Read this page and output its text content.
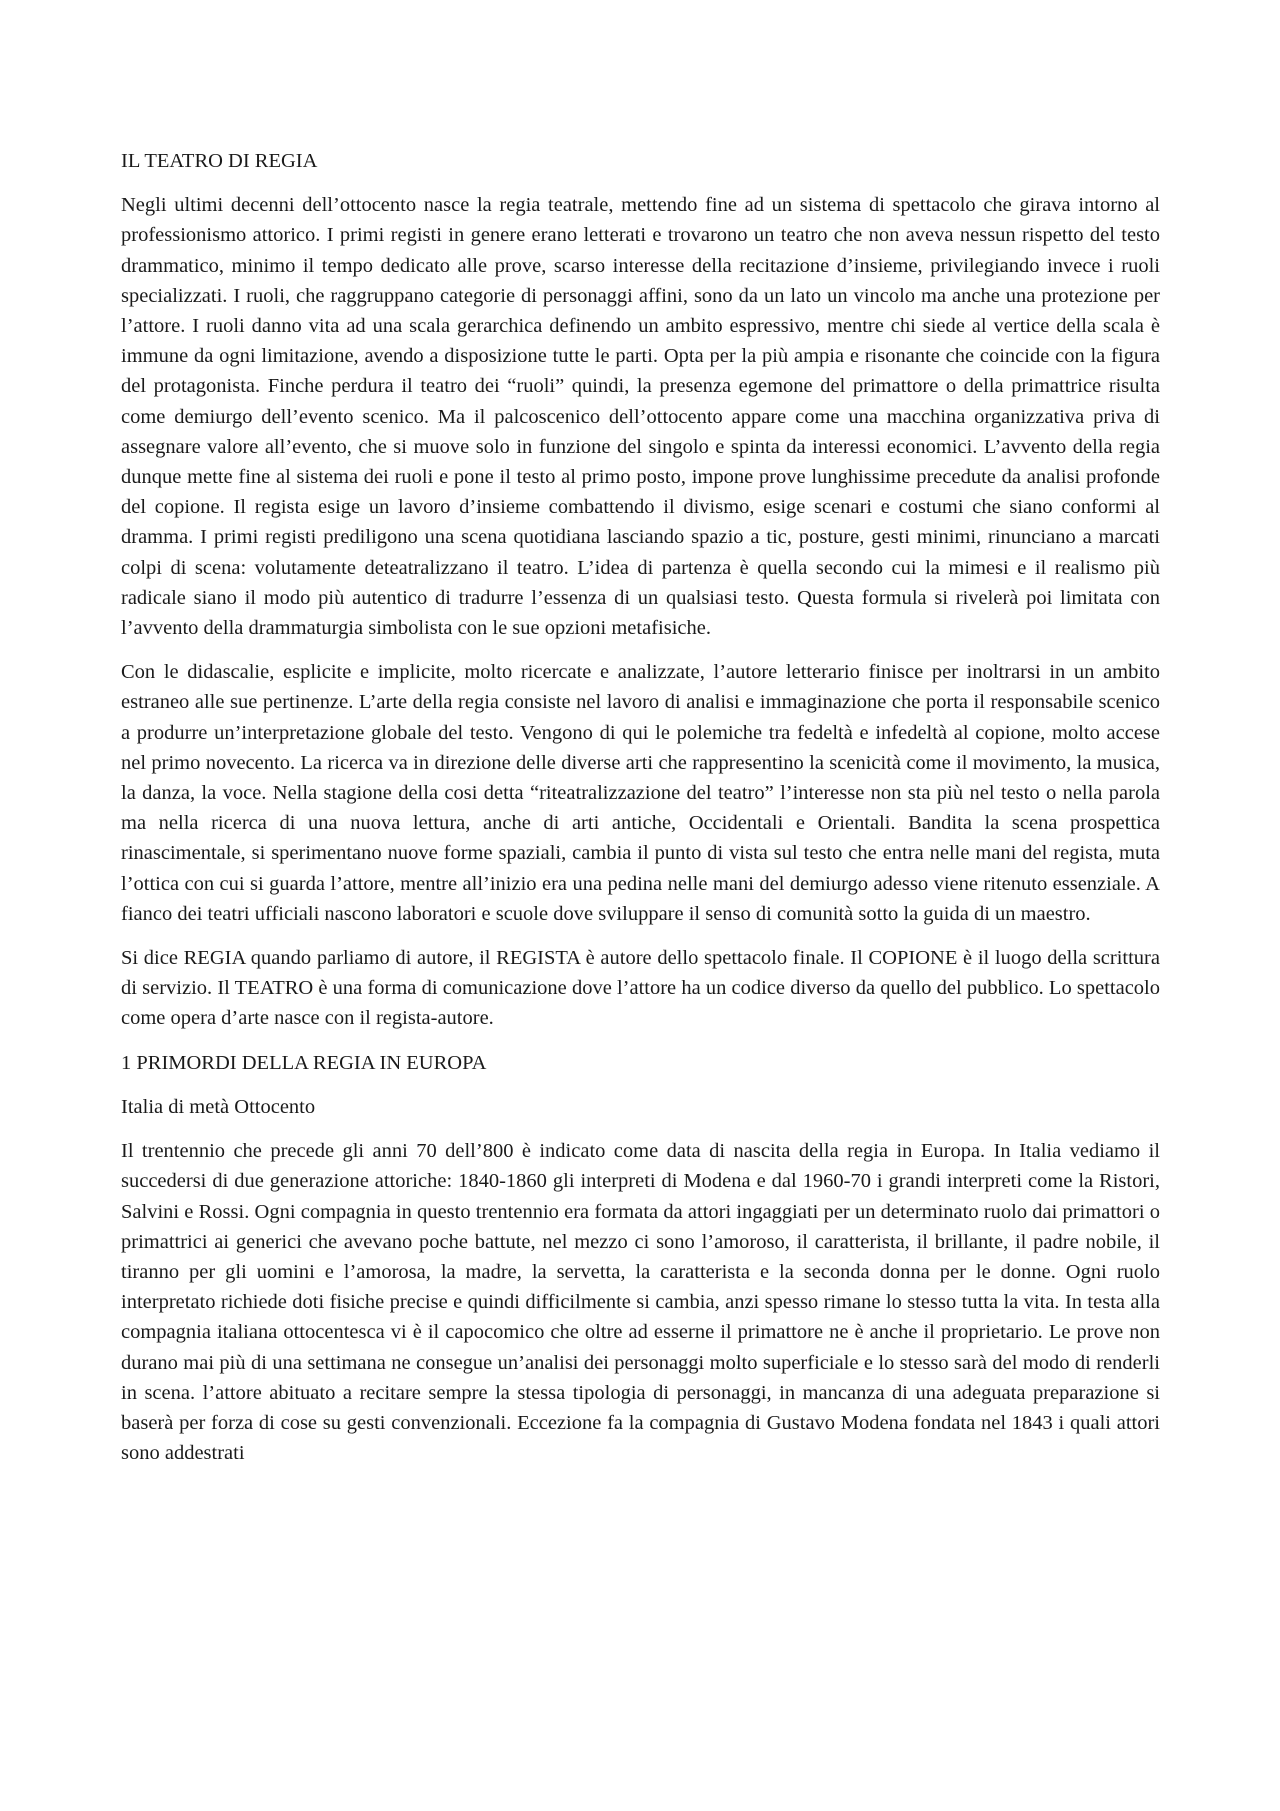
IL TEATRO DI REGIA

Negli ultimi decenni dell’ottocento nasce la regia teatrale, mettendo fine ad un sistema di spettacolo che girava intorno al professionismo attorico. I primi registi in genere erano letterati e trovarono un teatro che non aveva nessun rispetto del testo drammatico, minimo il tempo dedicato alle prove, scarso interesse della recitazione d’insieme, privilegiando invece i ruoli specializzati. I ruoli, che raggruppano categorie di personaggi affini, sono da un lato un vincolo ma anche una protezione per l’attore. I ruoli danno vita ad una scala gerarchica definendo un ambito espressivo, mentre chi siede al vertice della scala è immune da ogni limitazione, avendo a disposizione tutte le parti. Opta per la più ampia e risonante che coincide con la figura del protagonista. Finche perdura il teatro dei “ruoli” quindi, la presenza egemone del primattore o della primattrice risulta come demiurgo dell’evento scenico. Ma il palcoscenico dell’ottocento appare come una macchina organizzativa priva di assegnare valore all’evento, che si muove solo in funzione del singolo e spinta da interessi economici. L’avvento della regia dunque mette fine al sistema dei ruoli e pone il testo al primo posto, impone prove lunghissime precedute da analisi profonde del copione. Il regista esige un lavoro d’insieme combattendo il divismo, esige scenari e costumi che siano conformi al dramma. I primi registi prediligono una scena quotidiana lasciando spazio a tic, posture, gesti minimi, rinunciano a marcati colpi di scena: volutamente deteatralizzano il teatro. L’idea di partenza è quella secondo cui la mimesi e il realismo più radicale siano il modo più autentico di tradurre l’essenza di un qualsiasi testo. Questa formula si rivelerà poi limitata con l’avvento della drammaturgia simbolista con le sue opzioni metafisiche.

Con le didascalie, esplicite e implicite, molto ricercate e analizzate, l’autore letterario finisce per inoltrarsi in un ambito estraneo alle sue pertinenze. L’arte della regia consiste nel lavoro di analisi e immaginazione che porta il responsabile scenico a produrre un’interpretazione globale del testo. Vengono di qui le polemiche tra fedeltà e infedeltà al copione, molto accese nel primo novecento. La ricerca va in direzione delle diverse arti che rappresentino la scenicità come il movimento, la musica, la danza, la voce. Nella stagione della cosi detta “riteatralizzazione del teatro” l’interesse non sta più nel testo o nella parola ma nella ricerca di una nuova lettura, anche di arti antiche, Occidentali e Orientali. Bandita la scena prospettica rinascimentale, si sperimentano nuove forme spaziali, cambia il punto di vista sul testo che entra nelle mani del regista, muta l’ottica con cui si guarda l’attore, mentre all’inizio era una pedina nelle mani del demiurgo adesso viene ritenuto essenziale. A fianco dei teatri ufficiali nascono laboratori e scuole dove sviluppare il senso di comunità sotto la guida di un maestro.

Si dice REGIA quando parliamo di autore, il REGISTA è autore dello spettacolo finale. Il COPIONE è il luogo della scrittura di servizio. Il TEATRO è una forma di comunicazione dove l’attore ha un codice diverso da quello del pubblico. Lo spettacolo come opera d’arte nasce con il regista-autore.

1 PRIMORDI DELLA REGIA IN EUROPA
Italia di metà Ottocento

Il trentennio che precede gli anni 70 dell’800 è indicato come data di nascita della regia in Europa. In Italia vediamo il succedersi di due generazione attoriche: 1840-1860 gli interpreti di Modena e dal 1960-70 i grandi interpreti come la Ristori, Salvini e Rossi. Ogni compagnia in questo trentennio era formata da attori ingaggiati per un determinato ruolo dai primattori o primattrici ai generici che avevano poche battute, nel mezzo ci sono l’amoroso, il caratterista, il brillante, il padre nobile, il tiranno per gli uomini e l’amorosa, la madre, la servetta, la caratterista e la seconda donna per le donne. Ogni ruolo interpretato richiede doti fisiche precise e quindi difficilmente si cambia, anzi spesso rimane lo stesso tutta la vita. In testa alla compagnia italiana ottocentesca vi è il capocomico che oltre ad esserne il primattore ne è anche il proprietario. Le prove non durano mai più di una settimana ne consegue un’analisi dei personaggi molto superficiale e lo stesso sarà del modo di renderli in scena. l’attore abituato a recitare sempre la stessa tipologia di personaggi, in mancanza di una adeguata preparazione si baserà per forza di cose su gesti convenzionali. Eccezione fa la compagnia di Gustavo Modena fondata nel 1843 i quali attori sono addestrati
